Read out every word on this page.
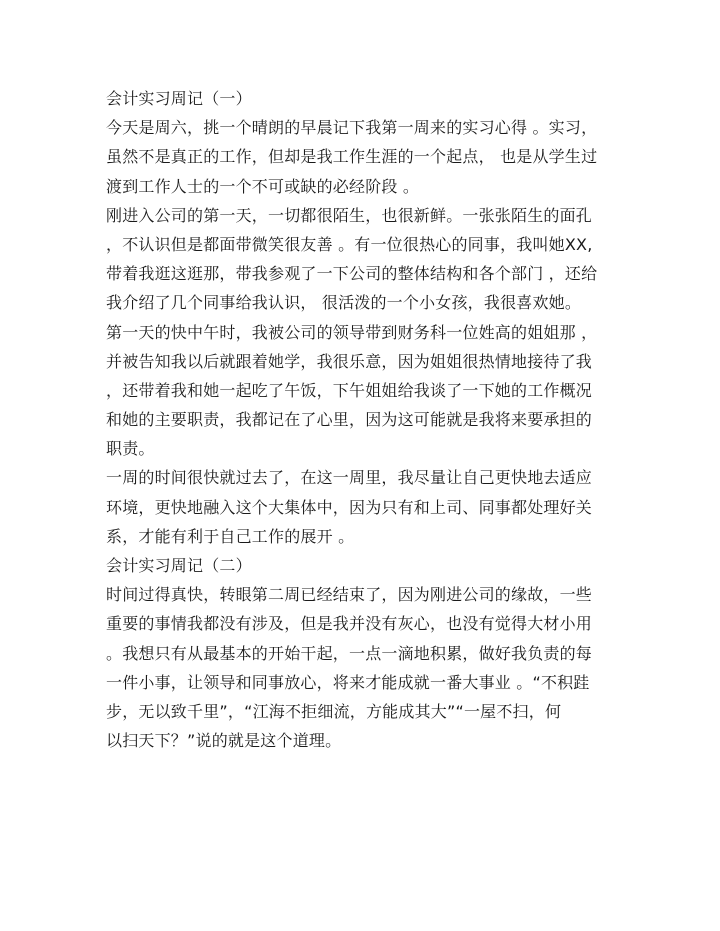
会计实习周记（一）
今天是周六，挑一个晴朗的早晨记下我第一周来的实习心得 。实习，
虽然不是真正的工作，但却是我工作生涯的一个起点， 也是从学生过
渡到工作人士的一个不可或缺的必经阶段 。
刚进入公司的第一天，一切都很陌生，也很新鲜。一张张陌生的面孔
，不认识但是都面带微笑很友善 。有一位很热心的同事，我叫她XX,
带着我逛这逛那，带我参观了一下公司的整体结构和各个部门 ，还给
我介绍了几个同事给我认识， 很活泼的一个小女孩，我很喜欢她。
第一天的快中午时，我被公司的领导带到财务科一位姓高的姐姐那 ，
并被告知我以后就跟着她学，我很乐意，因为姐姐很热情地接待了我
，还带着我和她一起吃了午饭，下午姐姐给我谈了一下她的工作概况
和她的主要职责，我都记在了心里，因为这可能就是我将来要承担的
职责。
一周的时间很快就过去了，在这一周里，我尽量让自己更快地去适应
环境，更快地融入这个大集体中，因为只有和上司、同事都处理好关
系，才能有利于自己工作的展开 。
会计实习周记（二）
时间过得真快，转眼第二周已经结束了，因为刚进公司的缘故，一些
重要的事情我都没有涉及，但是我并没有灰心，也没有觉得大材小用
。我想只有从最基本的开始干起，一点一滴地积累，做好我负责的每
一件小事，让领导和同事放心，将来才能成就一番大事业 。“不积跬
步，无以致千里”，“江海不拒细流，方能成其大”“一屋不扫，何
以扫天下？”说的就是这个道理。
